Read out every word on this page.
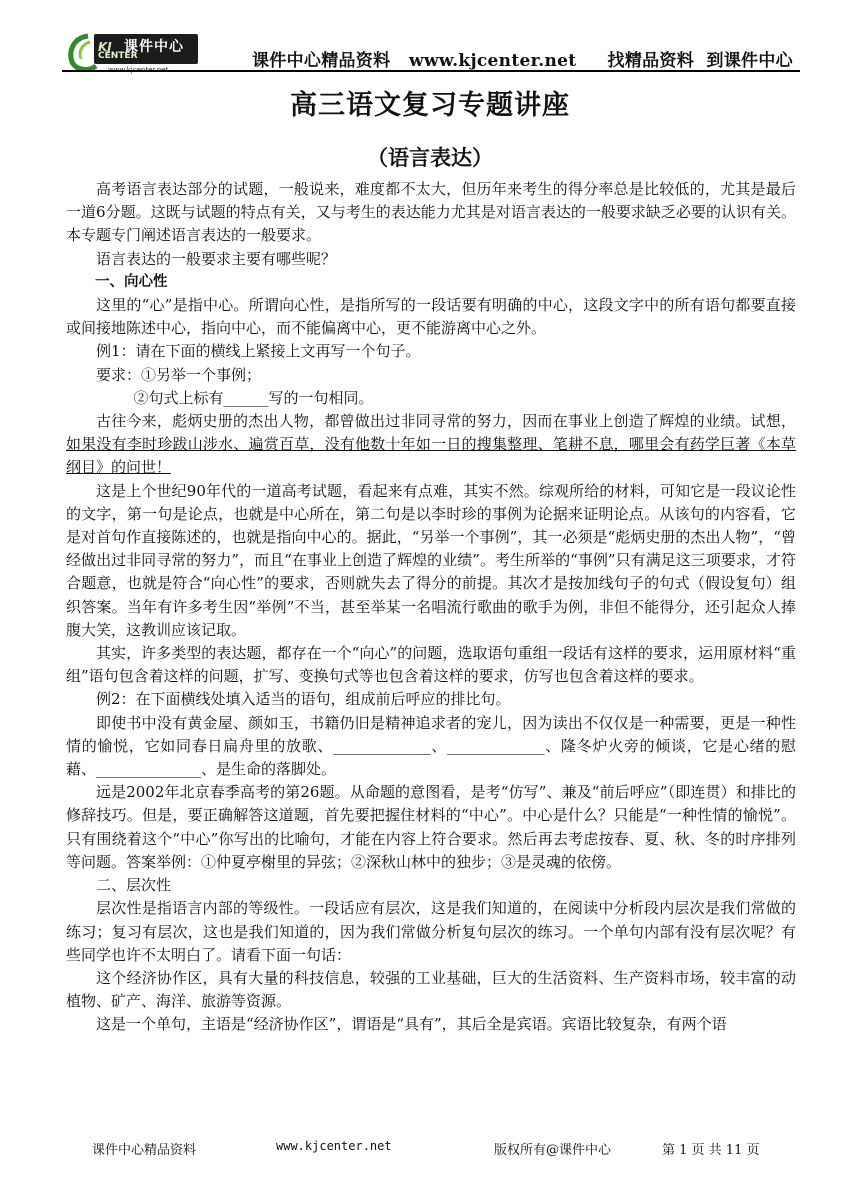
KJ
CENTER
课件中心
www.kjcenter.net	课件中心精品资料   www.kjcenter.net     找精品资料  到课件中心
高三语文复习专题讲座
（语言表达）

高考语言表达部分的试题，一般说来，难度都不太大，但历年来考生的得分率总是比较低的，尤其是最后一道6分题。这既与试题的特点有关，又与考生的表达能力尤其是对语言表达的一般要求缺乏必要的认识有关。本专题专门阐述语言表达的一般要求。

语言表达的一般要求主要有哪些呢？

一、向心性

这里的“心”是指中心。所谓向心性，是指所写的一段话要有明确的中心，这段文字中的所有语句都要直接或间接地陈述中心，指向中心，而不能偏离中心，更不能游离中心之外。

例1：请在下面的横线上紧接上文再写一个句子。

要求：①另举一个事例；

②句式上标有______写的一句相同。

古往今来，彪炳史册的杰出人物，都曾做出过非同寻常的努力，因而在事业上创造了辉煌的业绩。试想，如果没有李时珍跋山涉水、遍赏百草，没有他数十年如一日的搜集整理、笔耕不息，哪里会有药学巨著《本草纲目》的问世！

这是上个世纪90年代的一道高考试题，看起来有点难，其实不然。综观所给的材料，可知它是一段议论性的文字，第一句是论点，也就是中心所在，第二句是以李时珍的事例为论据来证明论点。从该句的内容看，它是对首句作直接陈述的，也就是指向中心的。据此，“另举一个事例”，其一必须是“彪炳史册的杰出人物”，“曾经做出过非同寻常的努力”，而且“在事业上创造了辉煌的业绩”。考生所举的“事例”只有满足这三项要求，才符合题意，也就是符合“向心性”的要求，否则就失去了得分的前提。其次才是按加线句子的句式（假设复句）组织答案。当年有许多考生因“举例”不当，甚至举某一名唱流行歌曲的歌手为例，非但不能得分，还引起众人捧腹大笑，这教训应该记取。

其实，许多类型的表达题，都存在一个“向心”的问题，选取语句重组一段话有这样的要求，运用原材料“重组”语句包含着这样的问题，扩写、变换句式等也包含着这样的要求，仿写也包含着这样的要求。

例2：在下面横线处填入适当的语句，组成前后呼应的排比句。

即使书中没有黄金屋、颜如玉，书籍仍旧是精神追求者的宠儿，因为读出不仅仅是一种需要，更是一种性情的愉悦，它如同春日扁舟里的放歌、_____________、_____________、隆冬炉火旁的倾谈，它是心绪的慰藉、______________、是生命的落脚处。

远是2002年北京春季高考的第26题。从命题的意图看，是考“仿写”、兼及“前后呼应”（即连贯）和排比的修辞技巧。但是，要正确解答这道题，首先要把握住材料的“中心”。中心是什么？只能是“一种性情的愉悦”。只有围绕着这个“中心”你写出的比喻句，才能在内容上符合要求。然后再去考虑按春、夏、秋、冬的时序排列等问题。答案举例：①仲夏亭榭里的异弦；②深秋山林中的独步；③是灵魂的依傍。

二、层次性

层次性是指语言内部的等级性。一段话应有层次，这是我们知道的，在阅读中分析段内层次是我们常做的练习；复习有层次，这也是我们知道的，因为我们常做分析复句层次的练习。一个单句内部有没有层次呢？有些同学也许不太明白了。请看下面一句话：

这个经济协作区，具有大量的科技信息，较强的工业基础，巨大的生活资料、生产资料市场，较丰富的动植物、矿产、海洋、旅游等资源。

这是一个单句，主语是“经济协作区”，谓语是“具有”，其后全是宾语。宾语比较复杂，有两个语

课件中心精品资料	www.kjcenter.net	版权所有@课件中心	第 1 页 共 11 页
